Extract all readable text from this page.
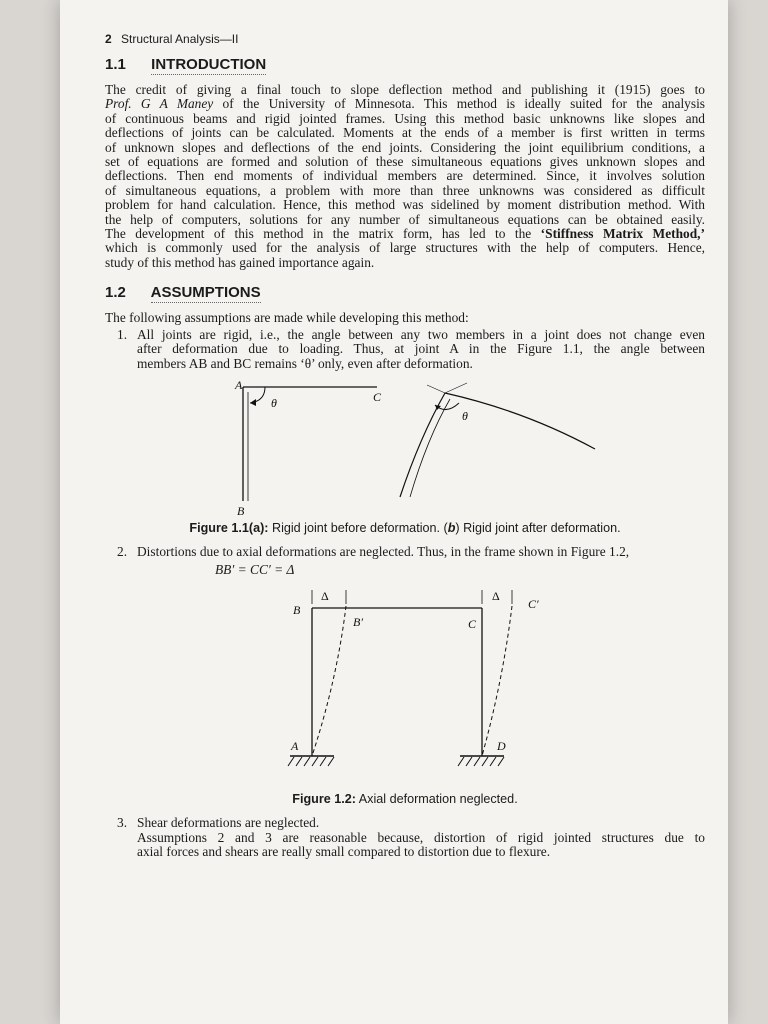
2 Structural Analysis—II
1.1 INTRODUCTION
The credit of giving a final touch to slope deflection method and publishing it (1915) goes to
Prof. G A Maney of the University of Minnesota. This method is ideally suited for the analysis
of continuous beams and rigid jointed frames. Using this method basic unknowns like slopes and
deflections of joints can be calculated. Moments at the ends of a member is first written in terms
of unknown slopes and deflections of the end joints. Considering the joint equilibrium conditions, a
set of equations are formed and solution of these simultaneous equations gives unknown slopes and
deflections. Then end moments of individual members are determined. Since, it involves solution
of simultaneous equations, a problem with more than three unknowns was considered as difficult
problem for hand calculation. Hence, this method was sidelined by moment distribution method. With
the help of computers, solutions for any number of simultaneous equations can be obtained easily.
The development of this method in the matrix form, has led to the ‘Stiffness Matrix Method,’
which is commonly used for the analysis of large structures with the help of computers. Hence,
study of this method has gained importance again.
1.2 ASSUMPTIONS
The following assumptions are made while developing this method:
1. All joints are rigid, i.e., the angle between any two members in a joint does not change even
after deformation due to loading. Thus, at joint A in the Figure 1.1, the angle between
members AB and BC remains ‘θ’ only, even after deformation.
A
C
B
θ
θ
Figure 1.1(a): Rigid joint before deformation. (b) Rigid joint after deformation.
2. Distortions due to axial deformations are neglected. Thus, in the frame shown in Figure 1.2,
BB′ = CC′ = Δ
Δ	Δ
B
B′	C
C′
A	D
Figure 1.2: Axial deformation neglected.
3. Shear deformations are neglected.
Assumptions 2 and 3 are reasonable because, distortion of rigid jointed structures due to
axial forces and shears are really small compared to distortion due to flexure.
